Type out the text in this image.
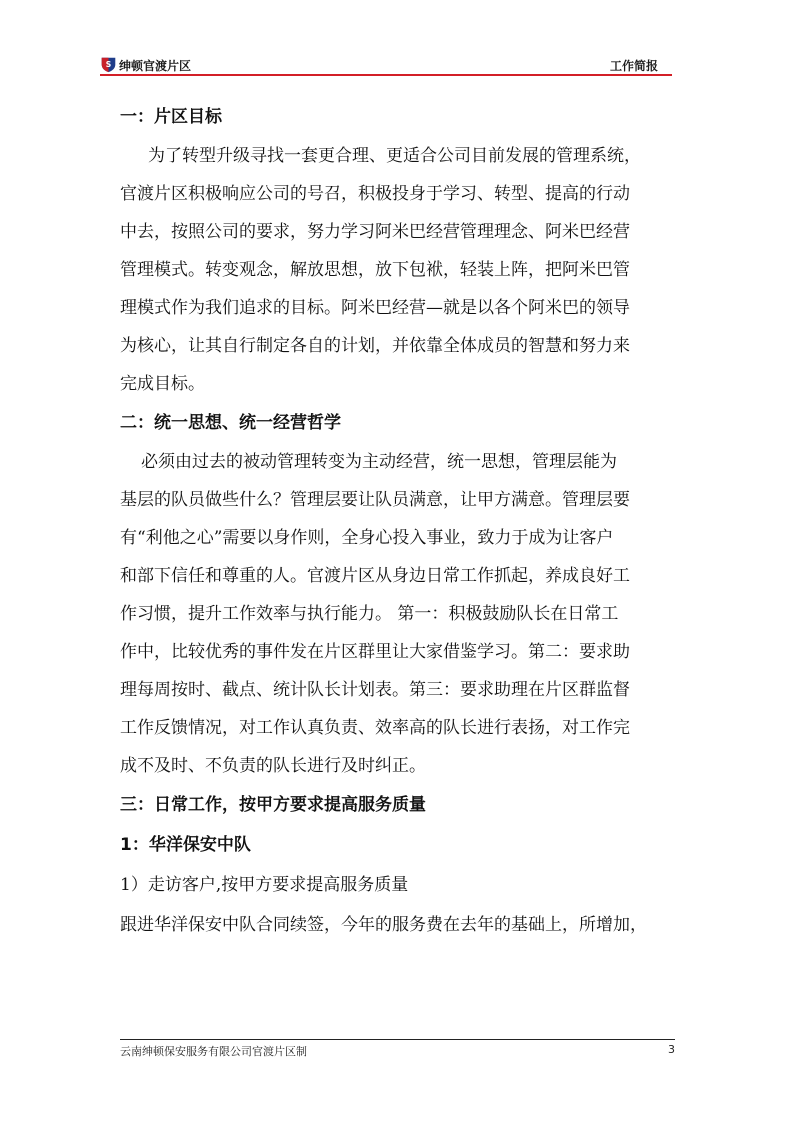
S 绅顿官渡片区	工作简报
一：片区目标
为了转型升级寻找一套更合理、更适合公司目前发展的管理系统，
官渡片区积极响应公司的号召，积极投身于学习、转型、提高的行动
中去，按照公司的要求，努力学习阿米巴经营管理理念、阿米巴经营
管理模式。转变观念，解放思想，放下包袱，轻装上阵，把阿米巴管
理模式作为我们追求的目标。阿米巴经营—就是以各个阿米巴的领导
为核心，让其自行制定各自的计划，并依靠全体成员的智慧和努力来
完成目标。
二：统一思想、统一经营哲学
必须由过去的被动管理转变为主动经营，统一思想，管理层能为
基层的队员做些什么？管理层要让队员满意，让甲方满意。管理层要
有“利他之心”需要以身作则，全身心投入事业，致力于成为让客户
和部下信任和尊重的人。官渡片区从身边日常工作抓起，养成良好工
作习惯，提升工作效率与执行能力。 第一：积极鼓励队长在日常工
作中，比较优秀的事件发在片区群里让大家借鉴学习。第二：要求助
理每周按时、截点、统计队长计划表。第三：要求助理在片区群监督
工作反馈情况，对工作认真负责、效率高的队长进行表扬，对工作完
成不及时、不负责的队长进行及时纠正。
三：日常工作，按甲方要求提高服务质量
1：华洋保安中队
1）走访客户,按甲方要求提高服务质量
跟进华洋保安中队合同续签，今年的服务费在去年的基础上，所增加，
云南绅顿保安服务有限公司官渡片区制	3
